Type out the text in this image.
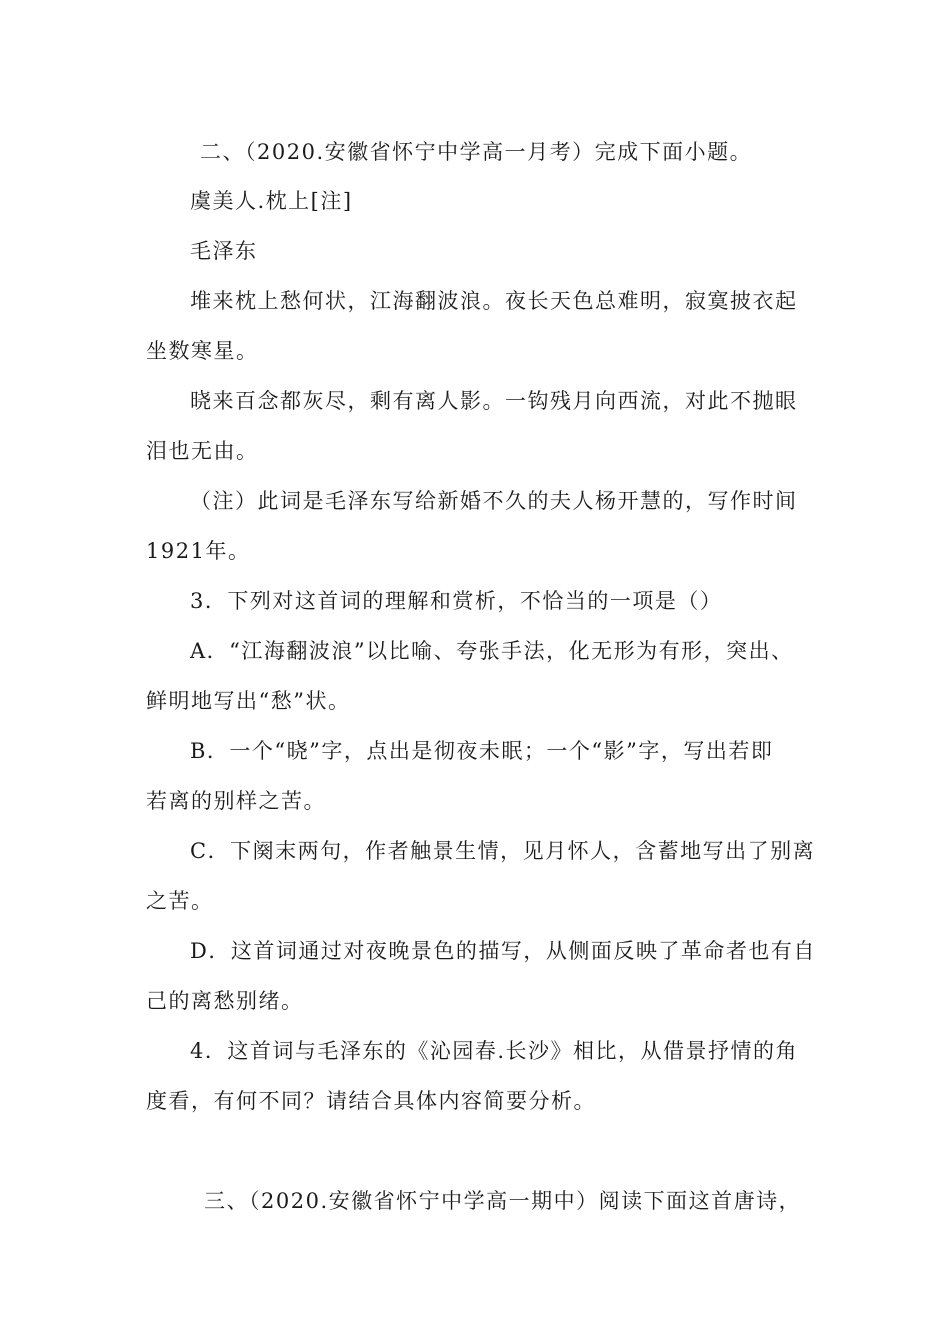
二、（2020.安徽省怀宁中学高一月考）完成下面小题。
虞美人.枕上[注]
毛泽东
堆来枕上愁何状，江海翻波浪。夜长天色总难明，寂寞披衣起
坐数寒星。
晓来百念都灰尽，剩有离人影。一钩残月向西流，对此不抛眼
泪也无由。
（注）此词是毛泽东写给新婚不久的夫人杨开慧的，写作时间
1921年。
3．下列对这首词的理解和赏析，不恰当的一项是（）
A．“江海翻波浪”以比喻、夸张手法，化无形为有形，突出、
鲜明地写出“愁”状。
B．一个“晓”字，点出是彻夜未眠；一个“影”字，写出若即
若离的别样之苦。
C．下阕末两句，作者触景生情，见月怀人，含蓄地写出了别离
之苦。
D．这首词通过对夜晚景色的描写，从侧面反映了革命者也有自
己的离愁别绪。
4．这首词与毛泽东的《沁园春.长沙》相比，从借景抒情的角
度看，有何不同？请结合具体内容简要分析。
三、（2020.安徽省怀宁中学高一期中）阅读下面这首唐诗，
